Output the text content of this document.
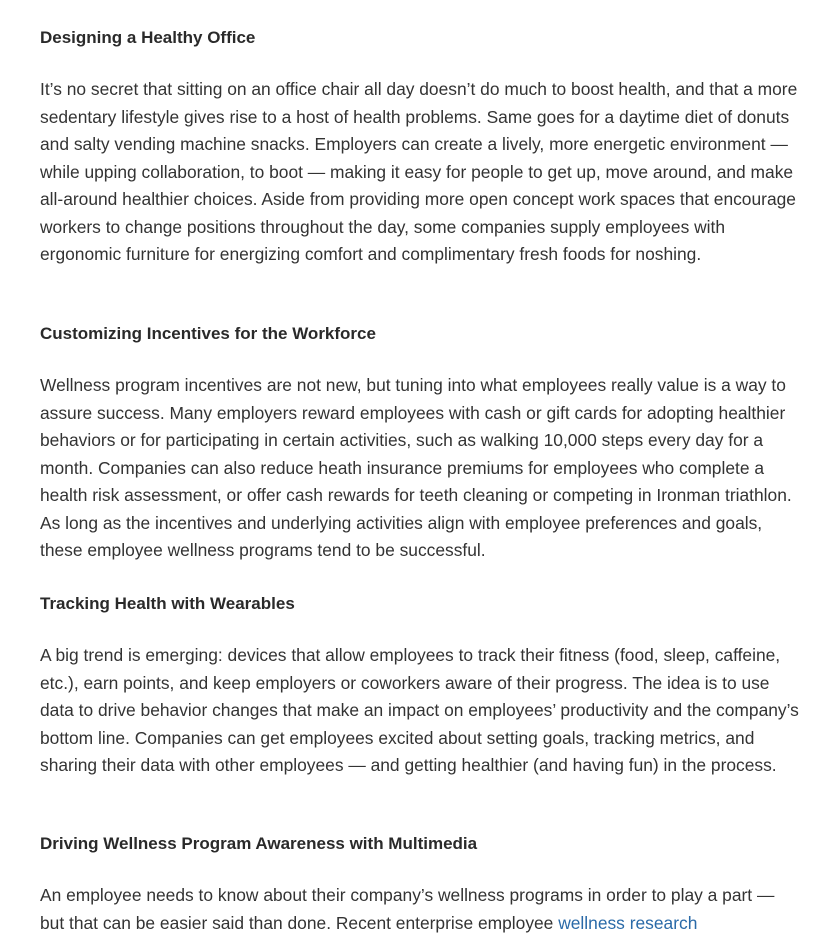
Designing a Healthy Office

It’s no secret that sitting on an office chair all day doesn’t do much to boost health, and that a more sedentary lifestyle gives rise to a host of health problems. Same goes for a daytime diet of donuts and salty vending machine snacks. Employers can create a lively, more energetic environment — while upping collaboration, to boot — making it easy for people to get up, move around, and make all-around healthier choices. Aside from providing more open concept work spaces that encourage workers to change positions throughout the day, some companies supply employees with ergonomic furniture for energizing comfort and complimentary fresh foods for noshing.

Customizing Incentives for the Workforce

Wellness program incentives are not new, but tuning into what employees really value is a way to assure success. Many employers reward employees with cash or gift cards for adopting healthier behaviors or for participating in certain activities, such as walking 10,000 steps every day for a month. Companies can also reduce heath insurance premiums for employees who complete a health risk assessment, or offer cash rewards for teeth cleaning or competing in Ironman triathlon. As long as the incentives and underlying activities align with employee preferences and goals, these employee wellness programs tend to be successful.

Tracking Health with Wearables

A big trend is emerging: devices that allow employees to track their fitness (food, sleep, caffeine, etc.), earn points, and keep employers or coworkers aware of their progress. The idea is to use data to drive behavior changes that make an impact on employees’ productivity and the company’s bottom line. Companies can get employees excited about setting goals, tracking metrics, and sharing their data with other employees — and getting healthier (and having fun) in the process.

Driving Wellness Program Awareness with Multimedia

An employee needs to know about their company’s wellness programs in order to play a part — but that can be easier said than done. Recent enterprise employee wellness research
